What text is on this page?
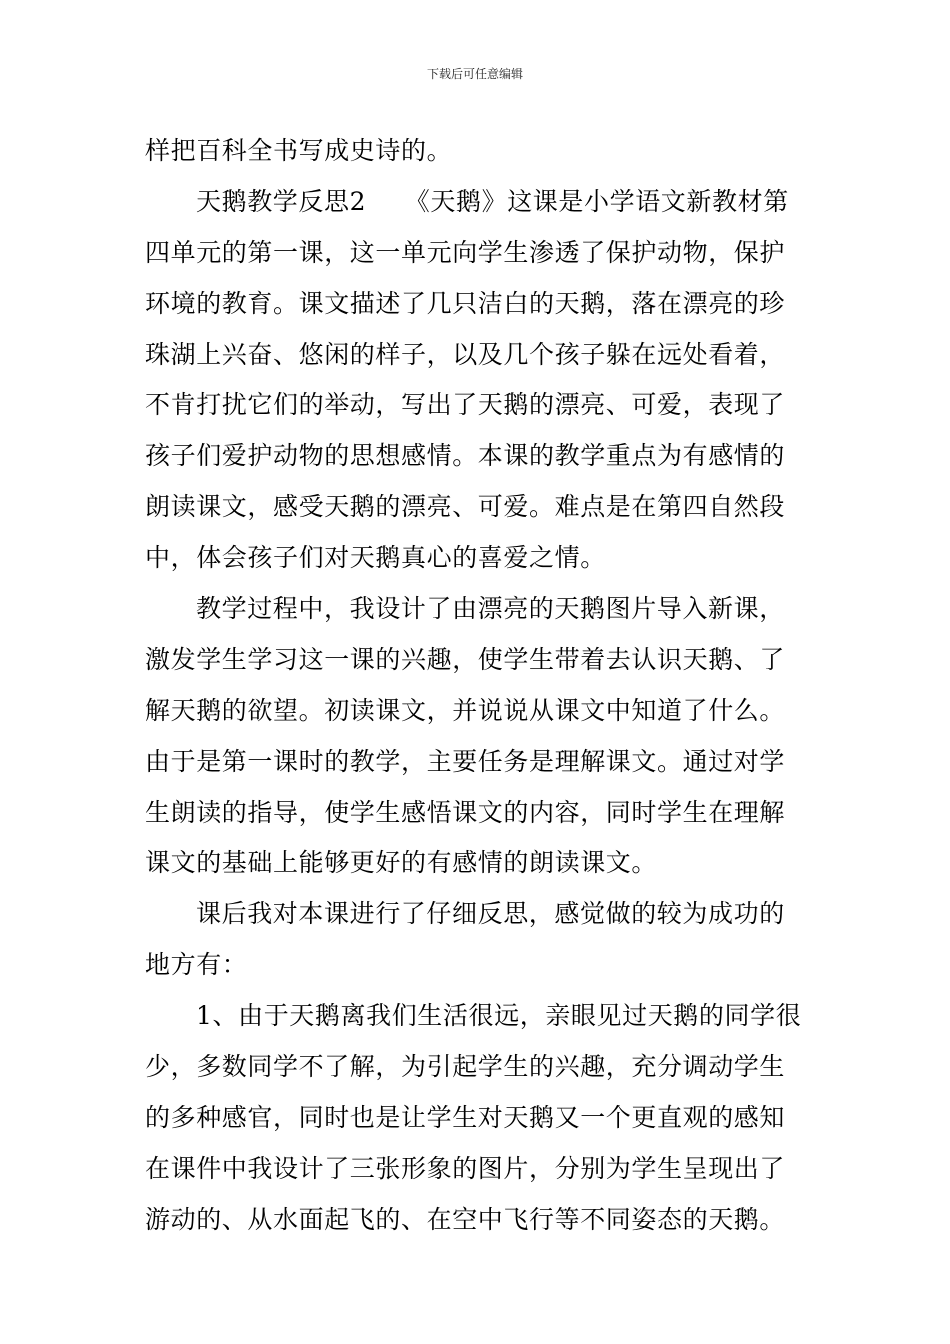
下载后可任意编辑
样把百科全书写成史诗的。
天鹅教学反思2　　《天鹅》这课是小学语文新教材第
四单元的第一课，这一单元向学生渗透了保护动物，保护
环境的教育。课文描述了几只洁白的天鹅，落在漂亮的珍
珠湖上兴奋、悠闲的样子，以及几个孩子躲在远处看着，
不肯打扰它们的举动，写出了天鹅的漂亮、可爱，表现了
孩子们爱护动物的思想感情。本课的教学重点为有感情的
朗读课文，感受天鹅的漂亮、可爱。难点是在第四自然段
中，体会孩子们对天鹅真心的喜爱之情。
教学过程中，我设计了由漂亮的天鹅图片导入新课，
激发学生学习这一课的兴趣，使学生带着去认识天鹅、了
解天鹅的欲望。初读课文，并说说从课文中知道了什么。
由于是第一课时的教学，主要任务是理解课文。通过对学
生朗读的指导，使学生感悟课文的内容，同时学生在理解
课文的基础上能够更好的有感情的朗读课文。
课后我对本课进行了仔细反思，感觉做的较为成功的
地方有：
1、由于天鹅离我们生活很远，亲眼见过天鹅的同学很
少，多数同学不了解，为引起学生的兴趣，充分调动学生
的多种感官，同时也是让学生对天鹅又一个更直观的感知
在课件中我设计了三张形象的图片，分别为学生呈现出了
游动的、从水面起飞的、在空中飞行等不同姿态的天鹅。
